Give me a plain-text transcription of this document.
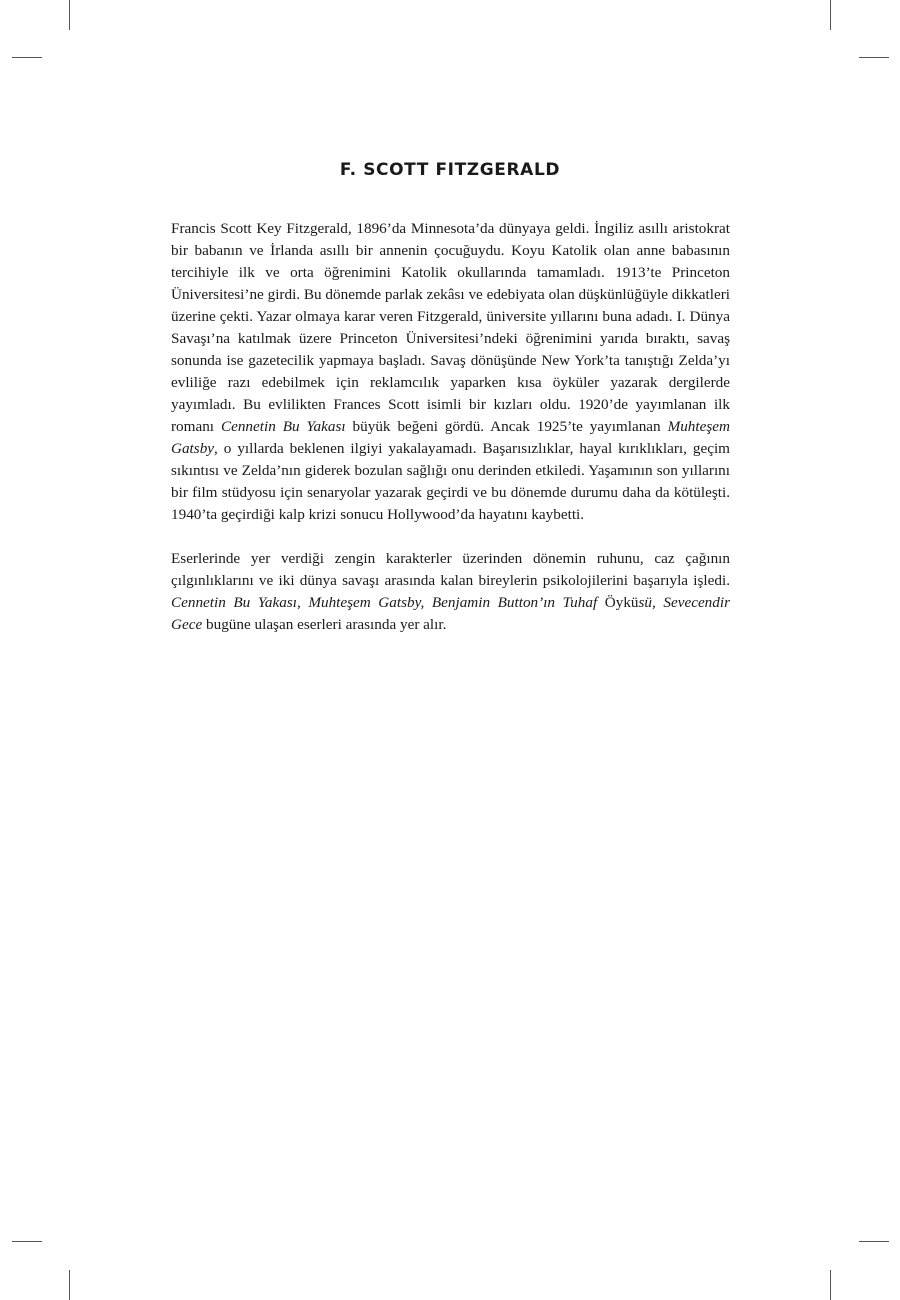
F. SCOTT FITZGERALD

Francis Scott Key Fitzgerald, 1896’da Minnesota’da dünyaya geldi. İngiliz asıllı aristokrat bir babanın ve İrlanda asıllı bir annenin çocuğuydu. Koyu Katolik olan anne babasının tercihiyle ilk ve orta öğrenimini Katolik okullarında tamamladı. 1913’te Princeton Üniversitesi’ne girdi. Bu dönemde parlak zekâsı ve edebiyata olan düşkünlüğüyle dikkatleri üzerine çekti. Yazar olmaya karar veren Fitzgerald, üniversite yıllarını buna adadı. I. Dünya Savaşı’na katılmak üzere Princeton Üniversitesi’ndeki öğrenimini yarıda bıraktı, savaş sonunda ise gazetecilik yapmaya başladı. Savaş dönüşünde New York’ta tanıştığı Zelda’yı evliliğe razı edebilmek için reklamcılık yaparken kısa öyküler yazarak dergilerde yayımladı. Bu evlilikten Frances Scott isimli bir kızları oldu. 1920’de yayımlanan ilk romanı Cennetin Bu Yakası büyük beğeni gördü. Ancak 1925’te yayımlanan Muhteşem Gatsby, o yıllarda beklenen ilgiyi yakalayamadı. Başarısızlıklar, hayal kırıklıkları, geçim sıkıntısı ve Zelda’nın giderek bozulan sağlığı onu derinden etkiledi. Yaşamının son yıllarını bir film stüdyosu için senaryolar yazarak geçirdi ve bu dönemde durumu daha da kötüleşti. 1940’ta geçirdiği kalp krizi sonucu Hollywood’da hayatını kaybetti.

Eserlerinde yer verdiği zengin karakterler üzerinden dönemin ruhunu, caz çağının çılgınlıklarını ve iki dünya savaşı arasında kalan bireylerin psikolojilerini başarıyla işledi. Cennetin Bu Yakası, Muhteşem Gatsby, Benjamin Button’ın Tuhaf Öyküsü, Sevecendir Gece bugüne ulaşan eserleri arasında yer alır.
